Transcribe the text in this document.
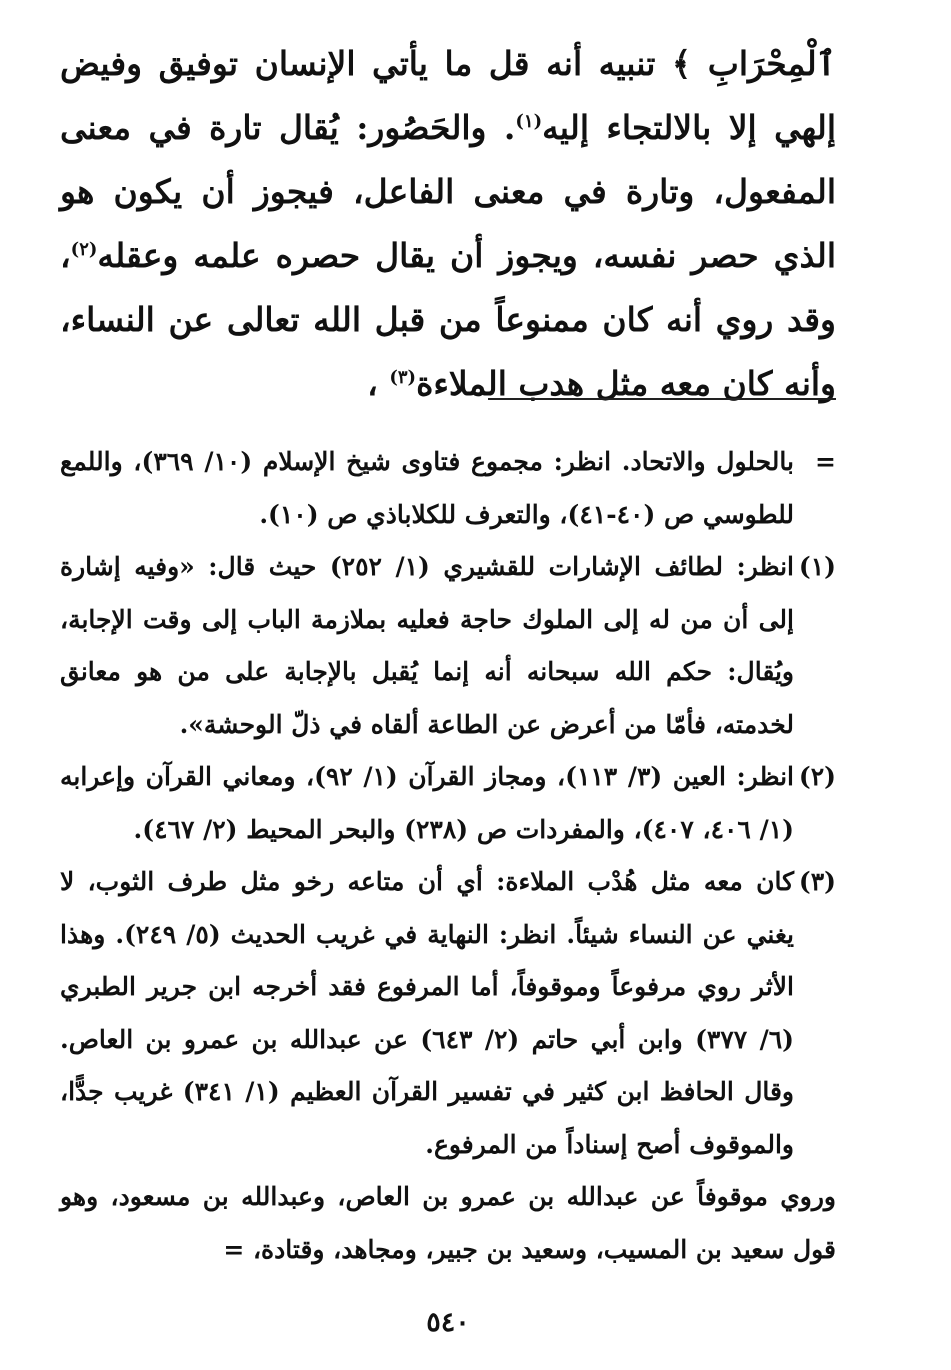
ٱلْمِحْرَابِ ﴾ تنبيه أنه قل ما يأتي الإنسان توفيق وفيض إلهي إلا بالالتجاء إليه$^{(١)}$. والحَصُور: يُقال تارة في معنى المفعول، وتارة في معنى الفاعل، فيجوز أن يكون هو الذي حصر نفسه، ويجوز أن يقال حصره علمه وعقله$^{(٢)}$، وقد روي أنه كان ممنوعاً من قبل الله تعالى عن النساء، وأنه كان معه مثل هدب الملاءة$^{(٣)}$ ،

=
بالحلول والاتحاد. انظر: مجموع فتاوى شيخ الإسلام (١٠/ ٣٦٩)، واللمع للطوسي ص (٤٠-٤١)، والتعرف للكلاباذي ص (١٠).

(١)
انظر: لطائف الإشارات للقشيري (١/ ٢٥٢) حيث قال: «وفيه إشارة إلى أن من له إلى الملوك حاجة فعليه بملازمة الباب إلى وقت الإجابة، ويُقال: حكم الله سبحانه أنه إنما يُقبل بالإجابة على من هو معانق لخدمته، فأمّا من أعرض عن الطاعة ألقاه في ذلّ الوحشة».

(٢)
انظر: العين (٣/ ١١٣)، ومجاز القرآن (١/ ٩٢)، ومعاني القرآن وإعرابه (١/ ٤٠٦، ٤٠٧)، والمفردات ص (٢٣٨) والبحر المحيط (٢/ ٤٦٧).

(٣)
كان معه مثل هُدْب الملاءة: أي أن متاعه رخو مثل طرف الثوب، لا يغني عن النساء شيئاً. انظر: النهاية في غريب الحديث (٥/ ٢٤٩). وهذا الأثر روي مرفوعاً وموقوفاً، أما المرفوع فقد أخرجه ابن جرير الطبري (٦/ ٣٧٧) وابن أبي حاتم (٢/ ٦٤٣) عن عبدالله بن عمرو بن العاص. وقال الحافظ ابن كثير في تفسير القرآن العظيم (١/ ٣٤١) غريب جدًّا، والموقوف أصح إسناداً من المرفوع.

وروي موقوفاً عن عبدالله بن عمرو بن العاص، وعبدالله بن مسعود، وهو قول سعيد بن المسيب، وسعيد بن جبير، ومجاهد، وقتادة، =

٥٤٠
